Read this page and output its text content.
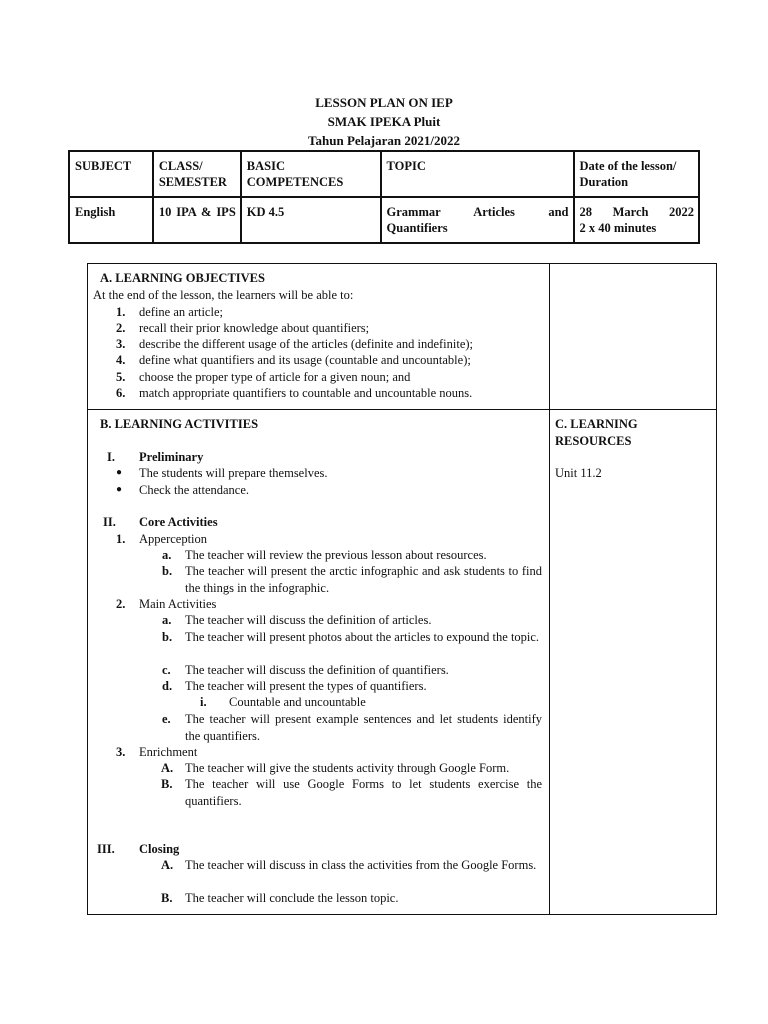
LESSON PLAN ON IEP
SMAK IPEKA Pluit
Tahun Pelajaran 2021/2022
SUBJECT	CLASS/ SEMESTER	BASIC COMPETENCES	TOPIC	Date of the lesson/ Duration
English	10 IPA & IPS	KD 4.5	Grammar Articles and Quantifiers	28 March 2022
2 x 40 minutes
A. LEARNING OBJECTIVES
At the end of the lesson, the learners will be able to:
1. define an article;
2. recall their prior knowledge about quantifiers;
3. describe the different usage of the articles (definite and indefinite);
4. define what quantifiers and its usage (countable and uncountable);
5. choose the proper type of article for a given noun; and
6. match appropriate quantifiers to countable and uncountable nouns.
B. LEARNING ACTIVITIES	C. LEARNING RESOURCES
Unit 11.2
I. Preliminary
● The students will prepare themselves.
● Check the attendance.
II. Core Activities
1. Apperception
a. The teacher will review the previous lesson about resources.
b. The teacher will present the arctic infographic and ask students to find the things in the infographic.
2. Main Activities
a. The teacher will discuss the definition of articles.
b. The teacher will present photos about the articles to expound the topic.
c. The teacher will discuss the definition of quantifiers.
d. The teacher will present the types of quantifiers.
i. Countable and uncountable
e. The teacher will present example sentences and let students identify the quantifiers.
3. Enrichment
A. The teacher will give the students activity through Google Form.
B. The teacher will use Google Forms to let students exercise the quantifiers.
III. Closing
A. The teacher will discuss in class the activities from the Google Forms.
B. The teacher will conclude the lesson topic.
